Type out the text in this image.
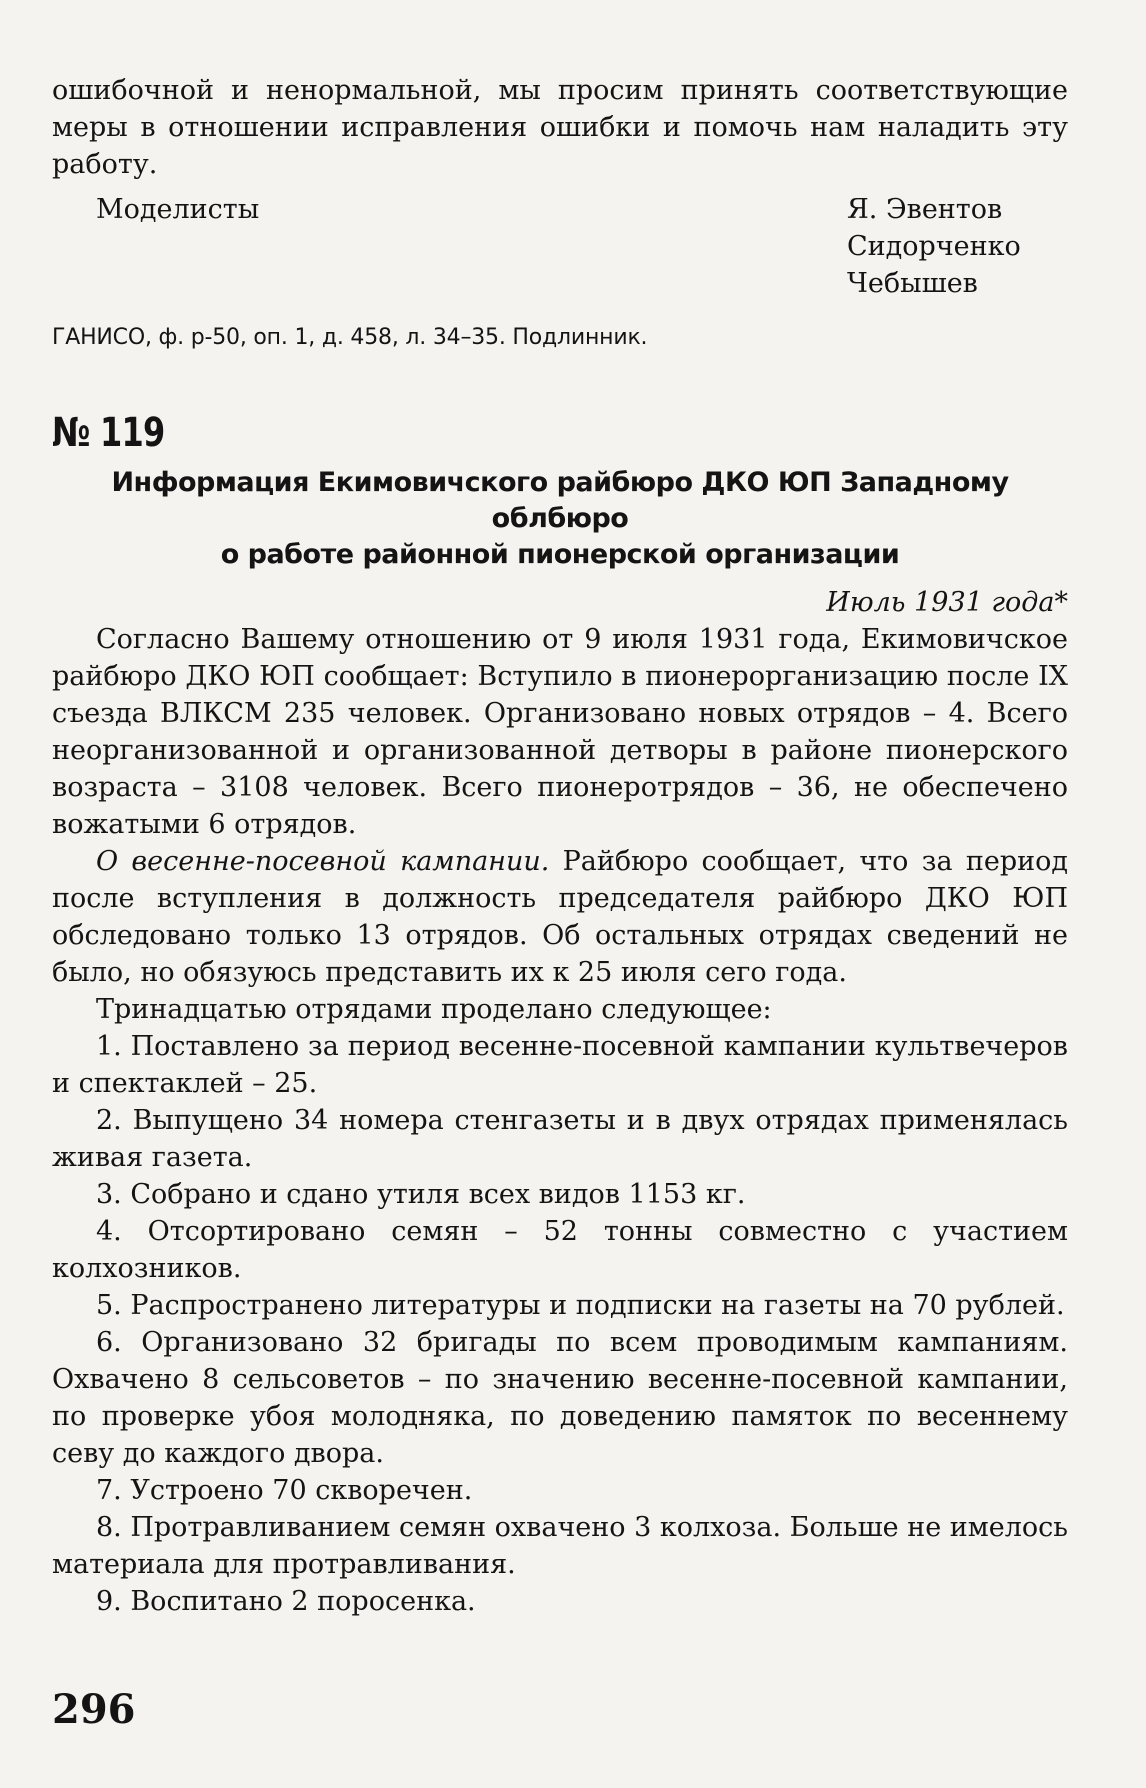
ошибочной и ненормальной, мы просим принять соответствующие меры в отношении исправления ошибки и помочь нам наладить эту работу.

Моделисты	Я. Эвентов
Сидорченко
Чебышев
ГАНИСО, ф. р-50, оп. 1, д. 458, л. 34–35. Подлинник.
№ 119
Информация Екимовичского райбюро ДКО ЮП Западному облбюро
о работе районной пионерской организации
Июль 1931 года*

Согласно Вашему отношению от 9 июля 1931 года, Екимовичское райбюро ДКО ЮП сообщает: Вступило в пионерорганизацию после IX съезда ВЛКСМ 235 человек. Организовано новых отрядов – 4. Всего неорганизованной и организованной детворы в районе пионерского возраста – 3108 человек. Всего пионеротрядов – 36, не обеспечено вожатыми 6 отрядов.

О весенне-посевной кампании. Райбюро сообщает, что за период после вступления в должность председателя райбюро ДКО ЮП обследовано только 13 отрядов. Об остальных отрядах сведений не было, но обязуюсь представить их к 25 июля сего года.

Тринадцатью отрядами проделано следующее:

1. Поставлено за период весенне-посевной кампании культвечеров и спектаклей – 25.

2. Выпущено 34 номера стенгазеты и в двух отрядах применялась живая газета.

3. Собрано и сдано утиля всех видов 1153 кг.

4. Отсортировано семян – 52 тонны совместно с участием колхозников.

5. Распространено литературы и подписки на газеты на 70 рублей.

6. Организовано 32 бригады по всем проводимым кампаниям. Охвачено 8 сельсоветов – по значению весенне-посевной кампании, по проверке убоя молодняка, по доведению памяток по весеннему севу до каждого двора.

7. Устроено 70 скворечен.

8. Протравливанием семян охвачено 3 колхоза. Больше не имелось материала для протравливания.

9. Воспитано 2 поросенка.

296
